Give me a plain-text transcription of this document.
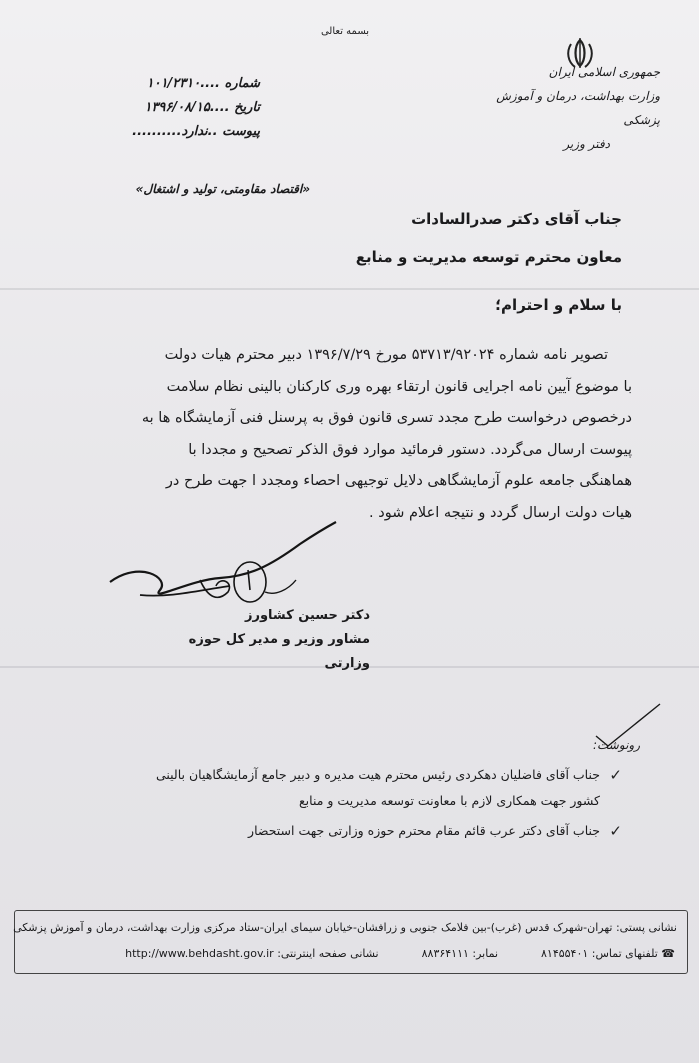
بسمه تعالی
جمهوری اسلامی ایران
وزارت بهداشت، درمان و آموزش پزشکی
دفتر وزیر
شماره ....۱۰۱/۲۳۱۰
تاریخ ....۱۳۹۶/۰۸/۱۵
پیوست ..ندارد..........
«اقتصاد مقاومتی، تولید و اشتغال»
جناب آقای دکتر صدرالسادات
معاون محترم توسعه مدیریت و منابع
با سلام و احترام؛

تصویر نامه شماره ۵۳۷۱۳/۹۲۰۲۴ مورخ ۱۳۹۶/۷/۲۹ دبیر محترم هیات دولت

با موضوع آیین نامه اجرایی قانون ارتقاء بهره وری کارکنان بالینی نظام سلامت

درخصوص درخواست طرح مجدد تسری قانون فوق به پرسنل فنی آزمایشگاه ها به

پیوست ارسال می‌گردد. دستور فرمائید موارد فوق الذکر تصحیح و مجددا با

هماهنگی جامعه علوم آزمایشگاهی دلایل توجیهی احصاء ومجدد ا جهت طرح در

هیات دولت ارسال گردد و نتیجه اعلام شود .

دکتر حسین کشاورز
مشاور وزیر و مدیر کل حوزه وزارتی
رونوشت:
✓
جناب آقای فاضلیان دهکردی رئیس محترم هیت مدیره و دبیر جامع آزمایشگاهیان بالینی
کشور جهت همکاری لازم با معاونت توسعه مدیریت و منابع
✓
جناب آقای دکتر عرب قائم مقام محترم حوزه وزارتی جهت استحضار
نشانی پستی: تهران-شهرک قدس (غرب)-بین فلامک جنوبی و زرافشان-خیابان سیمای ایران-ستاد مرکزی وزارت بهداشت، درمان و آموزش پزشکی
☎ تلفنهای تماس: ۸۱۴۵۵۴۰۱  نمابر: ۸۸۳۶۴۱۱۱  نشانی صفحه اینترنتی: http://www.behdasht.gov.ir
